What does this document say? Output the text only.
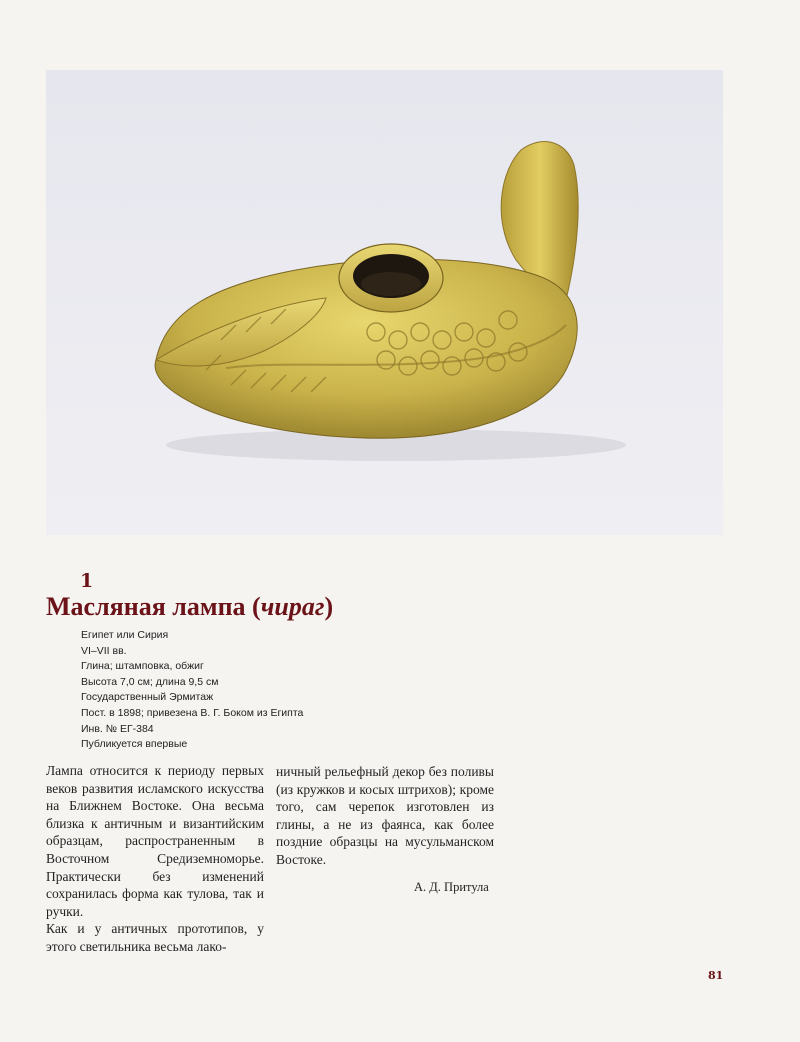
1

Масляная лампа (чираг)
Египет или Сирия
VI–VII вв.
Глина; штамповка, обжиг
Высота 7,0 см; длина 9,5 см
Государственный Эрмитаж
Пост. в 1898; привезена В. Г. Боком из Египта
Инв. № ЕГ-384
Публикуется впервые

Лампа относится к периоду первых веков развития исламского искусства на Ближнем Востоке. Она весьма близка к античным и византийским образцам, распространенным в Восточном Средиземноморье. Практически без изменений сохранилась форма как тулова, так и ручки.

Как и у античных прототипов, у этого светильника весьма лако-

ничный рельефный декор без поливы (из кружков и косых штрихов); кроме того, сам черепок изготовлен из глины, а не из фаянса, как более поздние образцы на мусульманском Востоке.

А. Д. Притула

81
